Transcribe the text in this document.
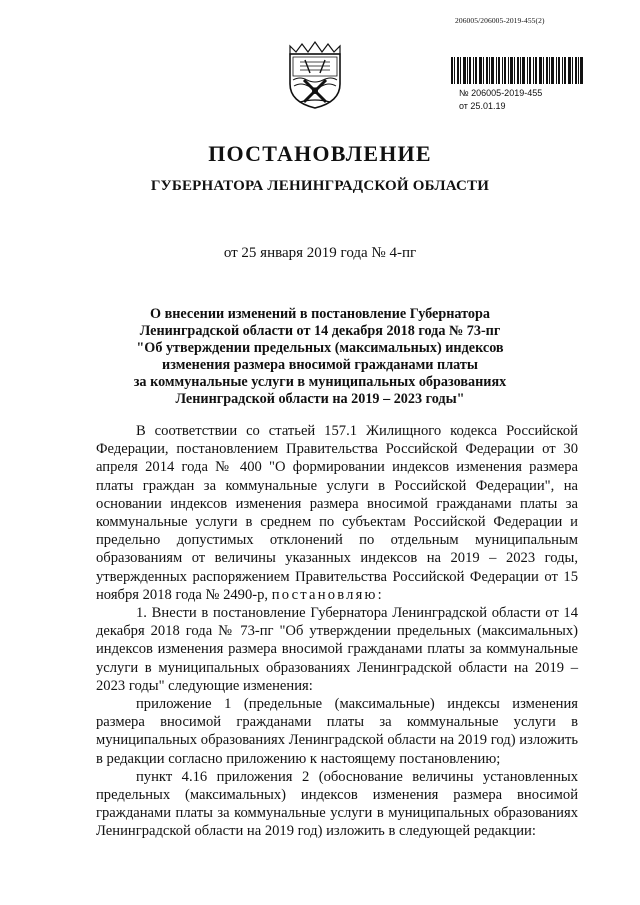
206005/206005-2019-455(2)
№ 206005-2019-455
от 25.01.19
ПОСТАНОВЛЕНИЕ
ГУБЕРНАТОРА ЛЕНИНГРАДСКОЙ ОБЛАСТИ
от 25 января 2019 года № 4-пг
О внесении изменений в постановление Губернатора
Ленинградской области от 14 декабря 2018 года № 73-пг
"Об утверждении предельных (максимальных) индексов
изменения размера вносимой гражданами платы
за коммунальные услуги в муниципальных образованиях
Ленинградской области на 2019 – 2023 годы"

В соответствии со статьей 157.1 Жилищного кодекса Российской Федерации, постановлением Правительства Российской Федерации от 30 апреля 2014 года № 400 "О формировании индексов изменения размера платы граждан за коммунальные услуги в Российской Федерации", на основании индексов изменения размера вносимой гражданами платы за коммунальные услуги в среднем по субъектам Российской Федерации и предельно допустимых отклонений по отдельным муниципальным образованиям от величины указанных индексов на 2019 – 2023 годы, утвержденных распоряжением Правительства Российской Федерации от 15 ноября 2018 года № 2490-р, постановляю:

1. Внести в постановление Губернатора Ленинградской области от 14 декабря 2018 года № 73-пг "Об утверждении предельных (максимальных) индексов изменения размера вносимой гражданами платы за коммунальные услуги в муниципальных образованиях Ленинградской области на 2019 – 2023 годы" следующие изменения:

приложение 1 (предельные (максимальные) индексы изменения размера вносимой гражданами платы за коммунальные услуги в муниципальных образованиях Ленинградской области на 2019 год) изложить в редакции согласно приложению к настоящему постановлению;

пункт 4.16 приложения 2 (обоснование величины установленных предельных (максимальных) индексов изменения размера вносимой гражданами платы за коммунальные услуги в муниципальных образованиях Ленинградской области на 2019 год) изложить в следующей редакции:
